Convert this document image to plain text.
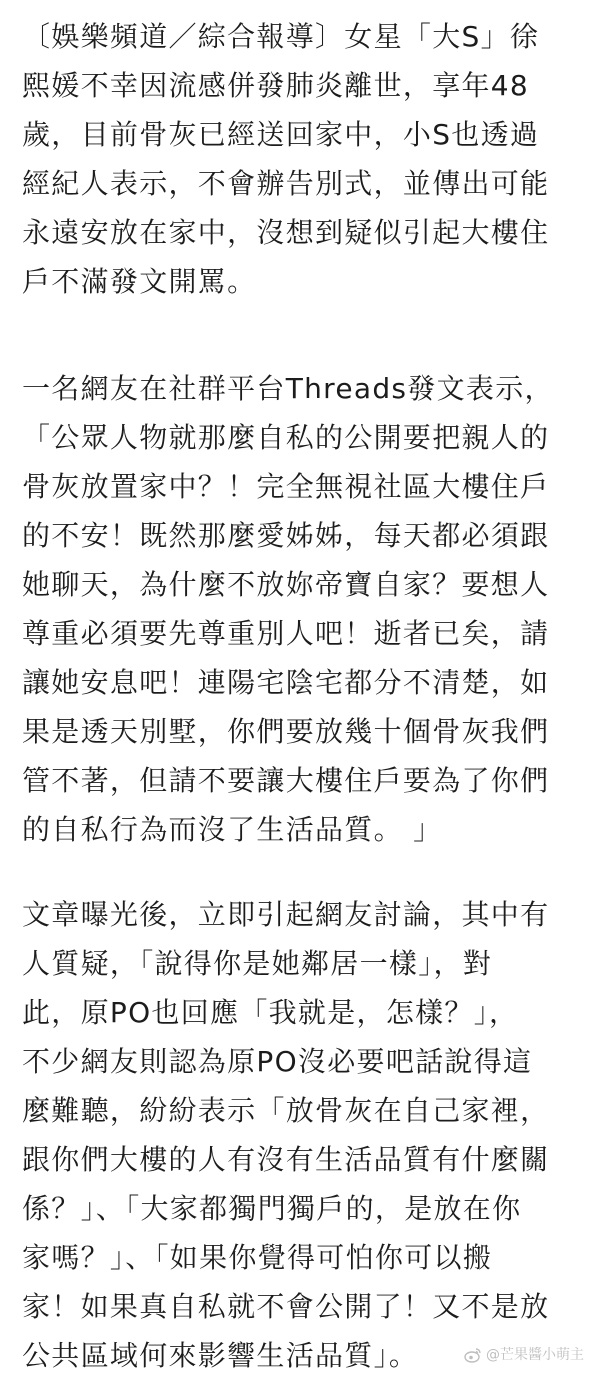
〔娛樂頻道／綜合報導〕女星「大S」徐
熙媛不幸因流感併發肺炎離世，享年48
歲，目前骨灰已經送回家中，小S也透過
經紀人表示，不會辦告別式，並傳出可能
永遠安放在家中，沒想到疑似引起大樓住
戶不滿發文開罵。
一名網友在社群平台Threads發文表示，
「公眾人物就那麼自私的公開要把親人的
骨灰放置家中？！完全無視社區大樓住戶
的不安！既然那麼愛姊姊，每天都必須跟
她聊天，為什麼不放妳帝寶自家？要想人
尊重必須要先尊重別人吧！逝者已矣，請
讓她安息吧！連陽宅陰宅都分不清楚，如
果是透天別墅，你們要放幾十個骨灰我們
管不著，但請不要讓大樓住戶要為了你們
的自私行為而沒了生活品質。 」
文章曝光後，立即引起網友討論，其中有
人質疑，「說得你是她鄰居一樣」，對
此，原PO也回應「我就是，怎樣？」，
不少網友則認為原PO沒必要吧話說得這
麼難聽，紛紛表示「放骨灰在自己家裡，
跟你們大樓的人有沒有生活品質有什麼關
係？」、「大家都獨門獨戶的，是放在你
家嗎？」、「如果你覺得可怕你可以搬
家！如果真自私就不會公開了！又不是放
公共區域何來影響生活品質」。	@芒果醬小萌主
